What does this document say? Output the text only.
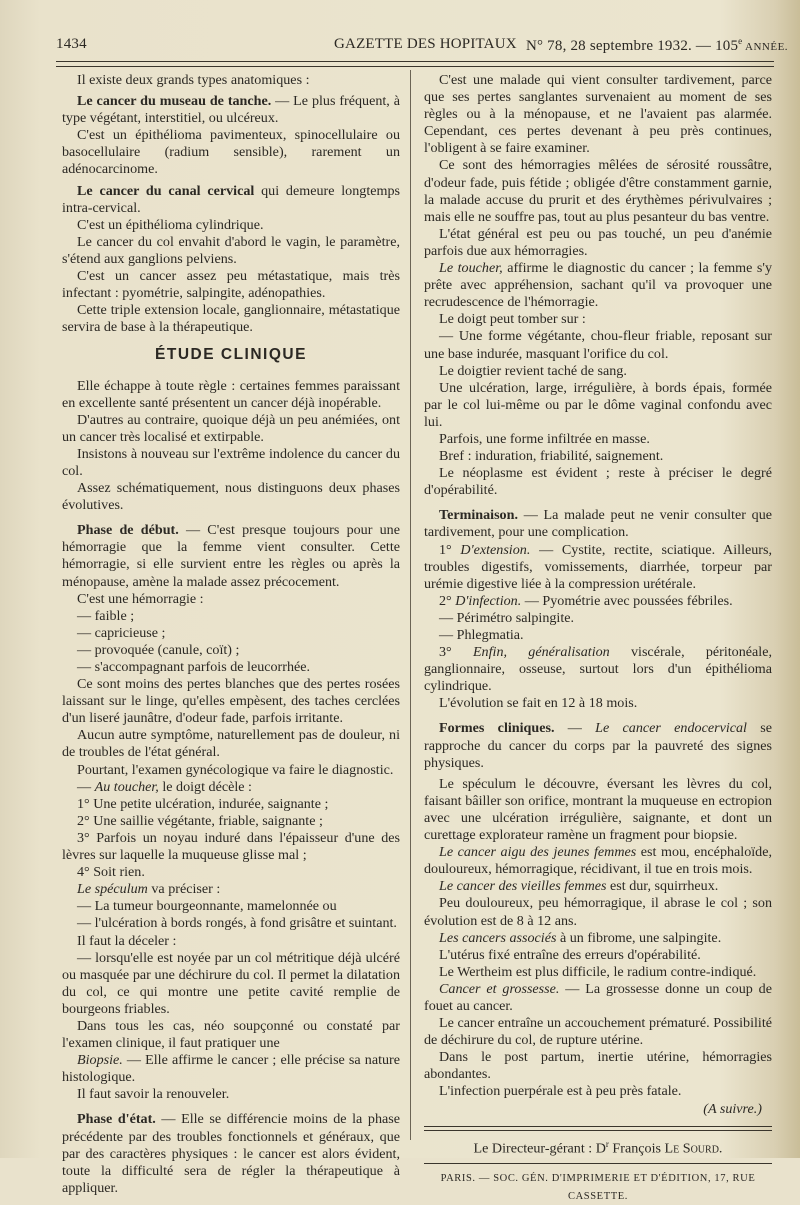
1434	GAZETTE DES HOPITAUX N° 78, 28 septembre 1932. — 105e ANNÉE.

Il existe deux grands types anatomiques :

Le cancer du museau de tanche. — Le plus fréquent, à type végétant, interstitiel, ou ulcéreux.

C'est un épithélioma pavimenteux, spinocellulaire ou basocellulaire (radium sensible), rarement un adénocarcinome.

Le cancer du canal cervical qui demeure longtemps intra-cervical.

C'est un épithélioma cylindrique.

Le cancer du col envahit d'abord le vagin, le paramètre, s'étend aux ganglions pelviens.

C'est un cancer assez peu métastatique, mais très infectant : pyométrie, salpingite, adénopathies.

Cette triple extension locale, ganglionnaire, métastatique servira de base à la thérapeutique.

ÉTUDE CLINIQUE

Elle échappe à toute règle : certaines femmes paraissant en excellente santé présentent un cancer déjà inopérable.

D'autres au contraire, quoique déjà un peu anémiées, ont un cancer très localisé et extirpable.

Insistons à nouveau sur l'extrême indolence du cancer du col.

Assez schématiquement, nous distinguons deux phases évolutives.

Phase de début. — C'est presque toujours pour une hémorragie que la femme vient consulter. Cette hémorragie, si elle survient entre les règles ou après la ménopause, amène la malade assez précocement.

C'est une hémorragie :

— faible ;

— capricieuse ;

— provoquée (canule, coït) ;

— s'accompagnant parfois de leucorrhée.

Ce sont moins des pertes blanches que des pertes rosées laissant sur le linge, qu'elles empèsent, des taches cerclées d'un liseré jaunâtre, d'odeur fade, parfois irritante.

Aucun autre symptôme, naturellement pas de douleur, ni de troubles de l'état général.

Pourtant, l'examen gynécologique va faire le diagnostic.

— Au toucher, le doigt décèle :

1° Une petite ulcération, indurée, saignante ;

2° Une saillie végétante, friable, saignante ;

3° Parfois un noyau induré dans l'épaisseur d'une des lèvres sur laquelle la muqueuse glisse mal ;

4° Soit rien.

Le spéculum va préciser :

— La tumeur bourgeonnante, mamelonnée ou

— l'ulcération à bords rongés, à fond grisâtre et suintant.

Il faut la déceler :

— lorsqu'elle est noyée par un col métritique déjà ulcéré ou masquée par une déchirure du col. Il permet la dilatation du col, ce qui montre une petite cavité remplie de bourgeons friables.

Dans tous les cas, néo soupçonné ou constaté par l'examen clinique, il faut pratiquer une

Biopsie. — Elle affirme le cancer ; elle précise sa nature histologique.

Il faut savoir la renouveler.

Phase d'état. — Elle se différencie moins de la phase précédente par des troubles fonctionnels et généraux, que par des caractères physiques : le cancer est alors évident, toute la difficulté sera de régler la thérapeutique à appliquer.

C'est une malade qui vient consulter tardivement, parce que ses pertes sanglantes survenaient au moment de ses règles ou à la ménopause, et ne l'avaient pas alarmée. Cependant, ces pertes devenant à peu près continues, l'obligent à se faire examiner.

Ce sont des hémorragies mêlées de sérosité roussâtre, d'odeur fade, puis fétide ; obligée d'être constamment garnie, la malade accuse du prurit et des érythèmes périvulvaires ; mais elle ne souffre pas, tout au plus pesanteur du bas ventre.

L'état général est peu ou pas touché, un peu d'anémie parfois due aux hémorragies.

Le toucher, affirme le diagnostic du cancer ; la femme s'y prête avec appréhension, sachant qu'il va provoquer une recrudescence de l'hémorragie.

Le doigt peut tomber sur :

— Une forme végétante, chou-fleur friable, reposant sur une base indurée, masquant l'orifice du col.

Le doigtier revient taché de sang.

Une ulcération, large, irrégulière, à bords épais, formée par le col lui-même ou par le dôme vaginal confondu avec lui.

Parfois, une forme infiltrée en masse.

Bref : induration, friabilité, saignement.

Le néoplasme est évident ; reste à préciser le degré d'opérabilité.

Terminaison. — La malade peut ne venir consulter que tardivement, pour une complication.

1° D'extension. — Cystite, rectite, sciatique. Ailleurs, troubles digestifs, vomissements, diarrhée, torpeur par urémie digestive liée à la compression urétérale.

2° D'infection. — Pyométrie avec poussées fébriles.

— Périmétro salpingite.

— Phlegmatia.

3° Enfin, généralisation viscérale, péritonéale, ganglionnaire, osseuse, surtout lors d'un épithélioma cylindrique.

L'évolution se fait en 12 à 18 mois.

Formes cliniques. — Le cancer endocervical se rapproche du cancer du corps par la pauvreté des signes physiques.

Le spéculum le découvre, éversant les lèvres du col, faisant bâiller son orifice, montrant la muqueuse en ectropion avec une ulcération irrégulière, saignante, et dont un curettage explorateur ramène un fragment pour biopsie.

Le cancer aigu des jeunes femmes est mou, encéphaloïde, douloureux, hémorragique, récidivant, il tue en trois mois.

Le cancer des vieilles femmes est dur, squirrheux.

Peu douloureux, peu hémorragique, il abrase le col ; son évolution est de 8 à 12 ans.

Les cancers associés à un fibrome, une salpingite.

L'utérus fixé entraîne des erreurs d'opérabilité.

Le Wertheim est plus difficile, le radium contre-indiqué.

Cancer et grossesse. — La grossesse donne un coup de fouet au cancer.

Le cancer entraîne un accouchement prématuré. Possibilité de déchirure du col, de rupture utérine.

Dans le post partum, inertie utérine, hémorragies abondantes.

L'infection puerpérale est à peu près fatale.

(A suivre.)

Le Directeur-gérant : $D^r$ François Le Sourd.

PARIS. — SOC. GÉN. D'IMPRIMERIE ET D'ÉDITION, 17, RUE CASSETTE.
